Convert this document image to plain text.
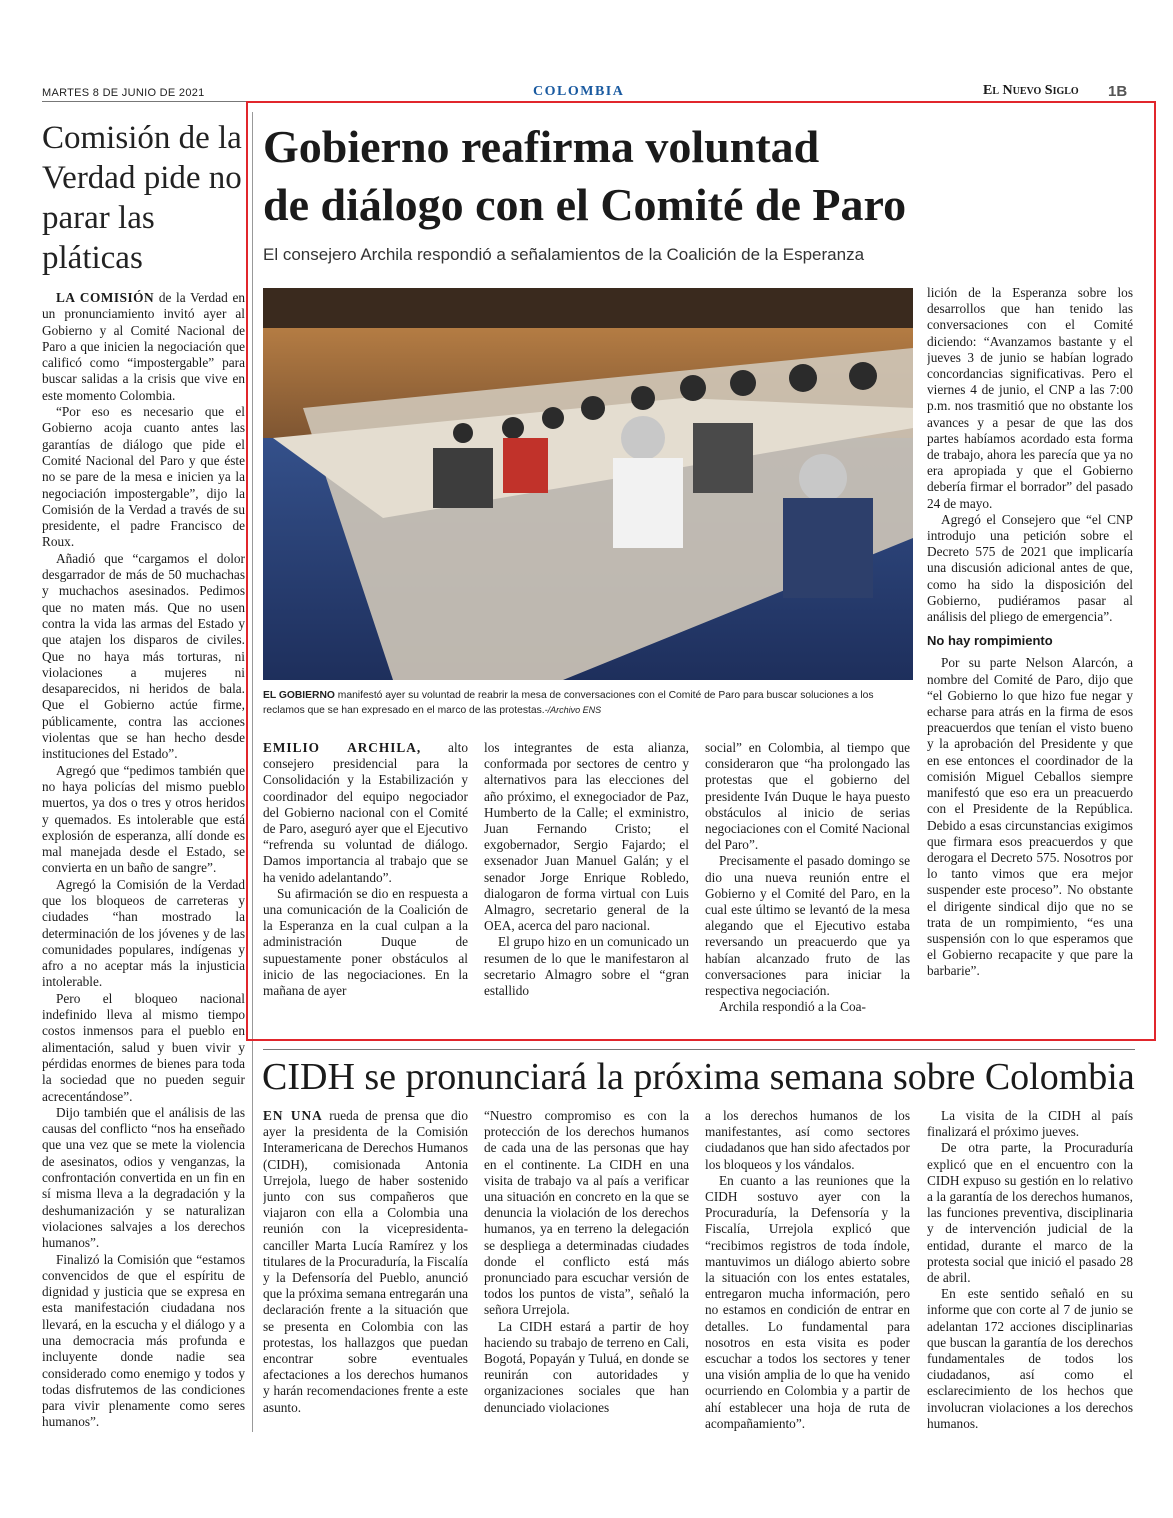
MARTES 8 DE JUNIO DE 2021	COLOMBIA	El Nuevo Siglo 1B
Comisión de la Verdad pide no parar las pláticas

LA COMISIÓN de la Verdad en un pronunciamiento invitó ayer al Gobierno y al Comité Nacional de Paro a que inicien la negociación que calificó como “impostergable” para buscar salidas a la crisis que vive en este momento Colombia.

“Por eso es necesario que el Gobierno acoja cuanto antes las garantías de diálogo que pide el Comité Nacional del Paro y que éste no se pare de la mesa e inicien ya la negociación impostergable”, dijo la Comisión de la Verdad a través de su presidente, el padre Francisco de Roux.

Añadió que “cargamos el dolor desgarrador de más de 50 muchachas y muchachos asesinados. Pedimos que no maten más. Que no usen contra la vida las armas del Estado y que atajen los disparos de civiles. Que no haya más torturas, ni violaciones a mujeres ni desaparecidos, ni heridos de bala. Que el Gobierno actúe firme, públicamente, contra las acciones violentas que se han hecho desde instituciones del Estado”.

Agregó que “pedimos también que no haya policías del mismo pueblo muertos, ya dos o tres y otros heridos y quemados. Es intolerable que está explosión de esperanza, allí donde es mal manejada desde el Estado, se convierta en un baño de sangre”.

Agregó la Comisión de la Verdad que los bloqueos de carreteras y ciudades “han mostrado la determinación de los jóvenes y de las comunidades populares, indígenas y afro a no aceptar más la injusticia intolerable.

Pero el bloqueo nacional indefinido lleva al mismo tiempo costos inmensos para el pueblo en alimentación, salud y buen vivir y pérdidas enormes de bienes para toda la sociedad que no pueden seguir acrecentándose”.

Dijo también que el análisis de las causas del conflicto “nos ha enseñado que una vez que se mete la violencia de asesinatos, odios y venganzas, la confrontación convertida en un fin en sí misma lleva a la degradación y la deshumanización y se naturalizan violaciones salvajes a los derechos humanos”.

Finalizó la Comisión que “estamos convencidos de que el espíritu de dignidad y justicia que se expresa en esta manifestación ciudadana nos llevará, en la escucha y el diálogo y a una democracia más profunda e incluyente donde nadie sea considerado como enemigo y todos y todas disfrutemos de las condiciones para vivir plenamente como seres humanos”.

Gobierno reafirma voluntad
de diálogo con el Comité de Paro
El consejero Archila respondió a señalamientos de la Coalición de la Esperanza
EL GOBIERNO manifestó ayer su voluntad de reabrir la mesa de conversaciones con el Comité de Paro para buscar soluciones a los reclamos que se han expresado en el marco de las protestas.-/Archivo ENS

EMILIO ARCHILA, alto consejero presidencial para la Consolidación y la Estabilización y coordinador del equipo negociador del Gobierno nacional con el Comité de Paro, aseguró ayer que el Ejecutivo “refrenda su voluntad de diálogo. Damos importancia al trabajo que se ha venido adelantando”.

Su afirmación se dio en respuesta a una comunicación de la Coalición de la Esperanza en la cual culpan a la administración Duque de supuestamente poner obstáculos al inicio de las negociaciones. En la mañana de ayer

los integrantes de esta alianza, conformada por sectores de centro y alternativos para las elecciones del año próximo, el exnegociador de Paz, Humberto de la Calle; el exministro, Juan Fernando Cristo; el exgobernador, Sergio Fajardo; el exsenador Juan Manuel Galán; y el senador Jorge Enrique Robledo, dialogaron de forma virtual con Luis Almagro, secretario general de la OEA, acerca del paro nacional.

El grupo hizo en un comunicado un resumen de lo que le manifestaron al secretario Almagro sobre el “gran estallido

social” en Colombia, al tiempo que consideraron que “ha prolongado las protestas que el gobierno del presidente Iván Duque le haya puesto obstáculos al inicio de serias negociaciones con el Comité Nacional del Paro”.

Precisamente el pasado domingo se dio una nueva reunión entre el Gobierno y el Comité del Paro, en la cual este último se levantó de la mesa alegando que el Ejecutivo estaba reversando un preacuerdo que ya habían alcanzado fruto de las conversaciones para iniciar la respectiva negociación.

Archila respondió a la Coa-

lición de la Esperanza sobre los desarrollos que han tenido las conversaciones con el Comité diciendo: “Avanzamos bastante y el jueves 3 de junio se habían logrado concordancias significativas. Pero el viernes 4 de junio, el CNP a las 7:00 p.m. nos trasmitió que no obstante los avances y a pesar de que las dos partes habíamos acordado esta forma de trabajo, ahora les parecía que ya no era apropiada y que el Gobierno debería firmar el borrador” del pasado 24 de mayo.

Agregó el Consejero que “el CNP introdujo una petición sobre el Decreto 575 de 2021 que implicaría una discusión adicional antes de que, como ha sido la disposición del Gobierno, pudiéramos pasar al análisis del pliego de emergencia”.

No hay rompimiento

Por su parte Nelson Alarcón, a nombre del Comité de Paro, dijo que “el Gobierno lo que hizo fue negar y echarse para atrás en la firma de esos preacuerdos que tenían el visto bueno y la aprobación del Presidente y que en ese entonces el coordinador de la comisión Miguel Ceballos siempre manifestó que eso era un preacuerdo con el Presidente de la República. Debido a esas circunstancias exigimos que firmara esos preacuerdos y que derogara el Decreto 575. Nosotros por lo tanto vimos que era mejor suspender este proceso”. No obstante el dirigente sindical dijo que no se trata de un rompimiento, “es una suspensión con lo que esperamos que el Gobierno recapacite y que pare la barbarie”.

CIDH se pronunciará la próxima semana sobre Colombia

EN UNA rueda de prensa que dio ayer la presidenta de la Comisión Interamericana de Derechos Humanos (CIDH), comisionada Antonia Urrejola, luego de haber sostenido junto con sus compañeros que viajaron con ella a Colombia una reunión con la vicepresidenta-canciller Marta Lucía Ramírez y los titulares de la Procuraduría, la Fiscalía y la Defensoría del Pueblo, anunció que la próxima semana entregarán una declaración frente a la situación que se presenta en Colombia con las protestas, los hallazgos que puedan encontrar sobre eventuales afectaciones a los derechos humanos y harán recomendaciones frente a este asunto.

“Nuestro compromiso es con la protección de los derechos humanos de cada una de las personas que hay en el continente. La CIDH en una visita de trabajo va al país a verificar una situación en concreto en la que se denuncia la violación de los derechos humanos, ya en terreno la delegación se despliega a determinadas ciudades donde el conflicto está más pronunciado para escuchar versión de todos los puntos de vista”, señaló la señora Urrejola.

La CIDH estará a partir de hoy haciendo su trabajo de terreno en Cali, Bogotá, Popayán y Tuluá, en donde se reunirán con autoridades y organizaciones sociales que han denunciado violaciones

a los derechos humanos de los manifestantes, así como sectores ciudadanos que han sido afectados por los bloqueos y los vándalos.

En cuanto a las reuniones que la CIDH sostuvo ayer con la Procuraduría, la Defensoría y la Fiscalía, Urrejola explicó que “recibimos registros de toda índole, mantuvimos un diálogo abierto sobre la situación con los entes estatales, entregaron mucha información, pero no estamos en condición de entrar en detalles. Lo fundamental para nosotros en esta visita es poder escuchar a todos los sectores y tener una visión amplia de lo que ha venido ocurriendo en Colombia y a partir de ahí establecer una hoja de ruta de acompañamiento”.

La visita de la CIDH al país finalizará el próximo jueves.

De otra parte, la Procuraduría explicó que en el encuentro con la CIDH expuso su gestión en lo relativo a la garantía de los derechos humanos, las funciones preventiva, disciplinaria y de intervención judicial de la entidad, durante el marco de la protesta social que inició el pasado 28 de abril.

En este sentido señaló en su informe que con corte al 7 de junio se adelantan 172 acciones disciplinarias que buscan la garantía de los derechos fundamentales de todos los ciudadanos, así como el esclarecimiento de los hechos que involucran violaciones a los derechos humanos.
